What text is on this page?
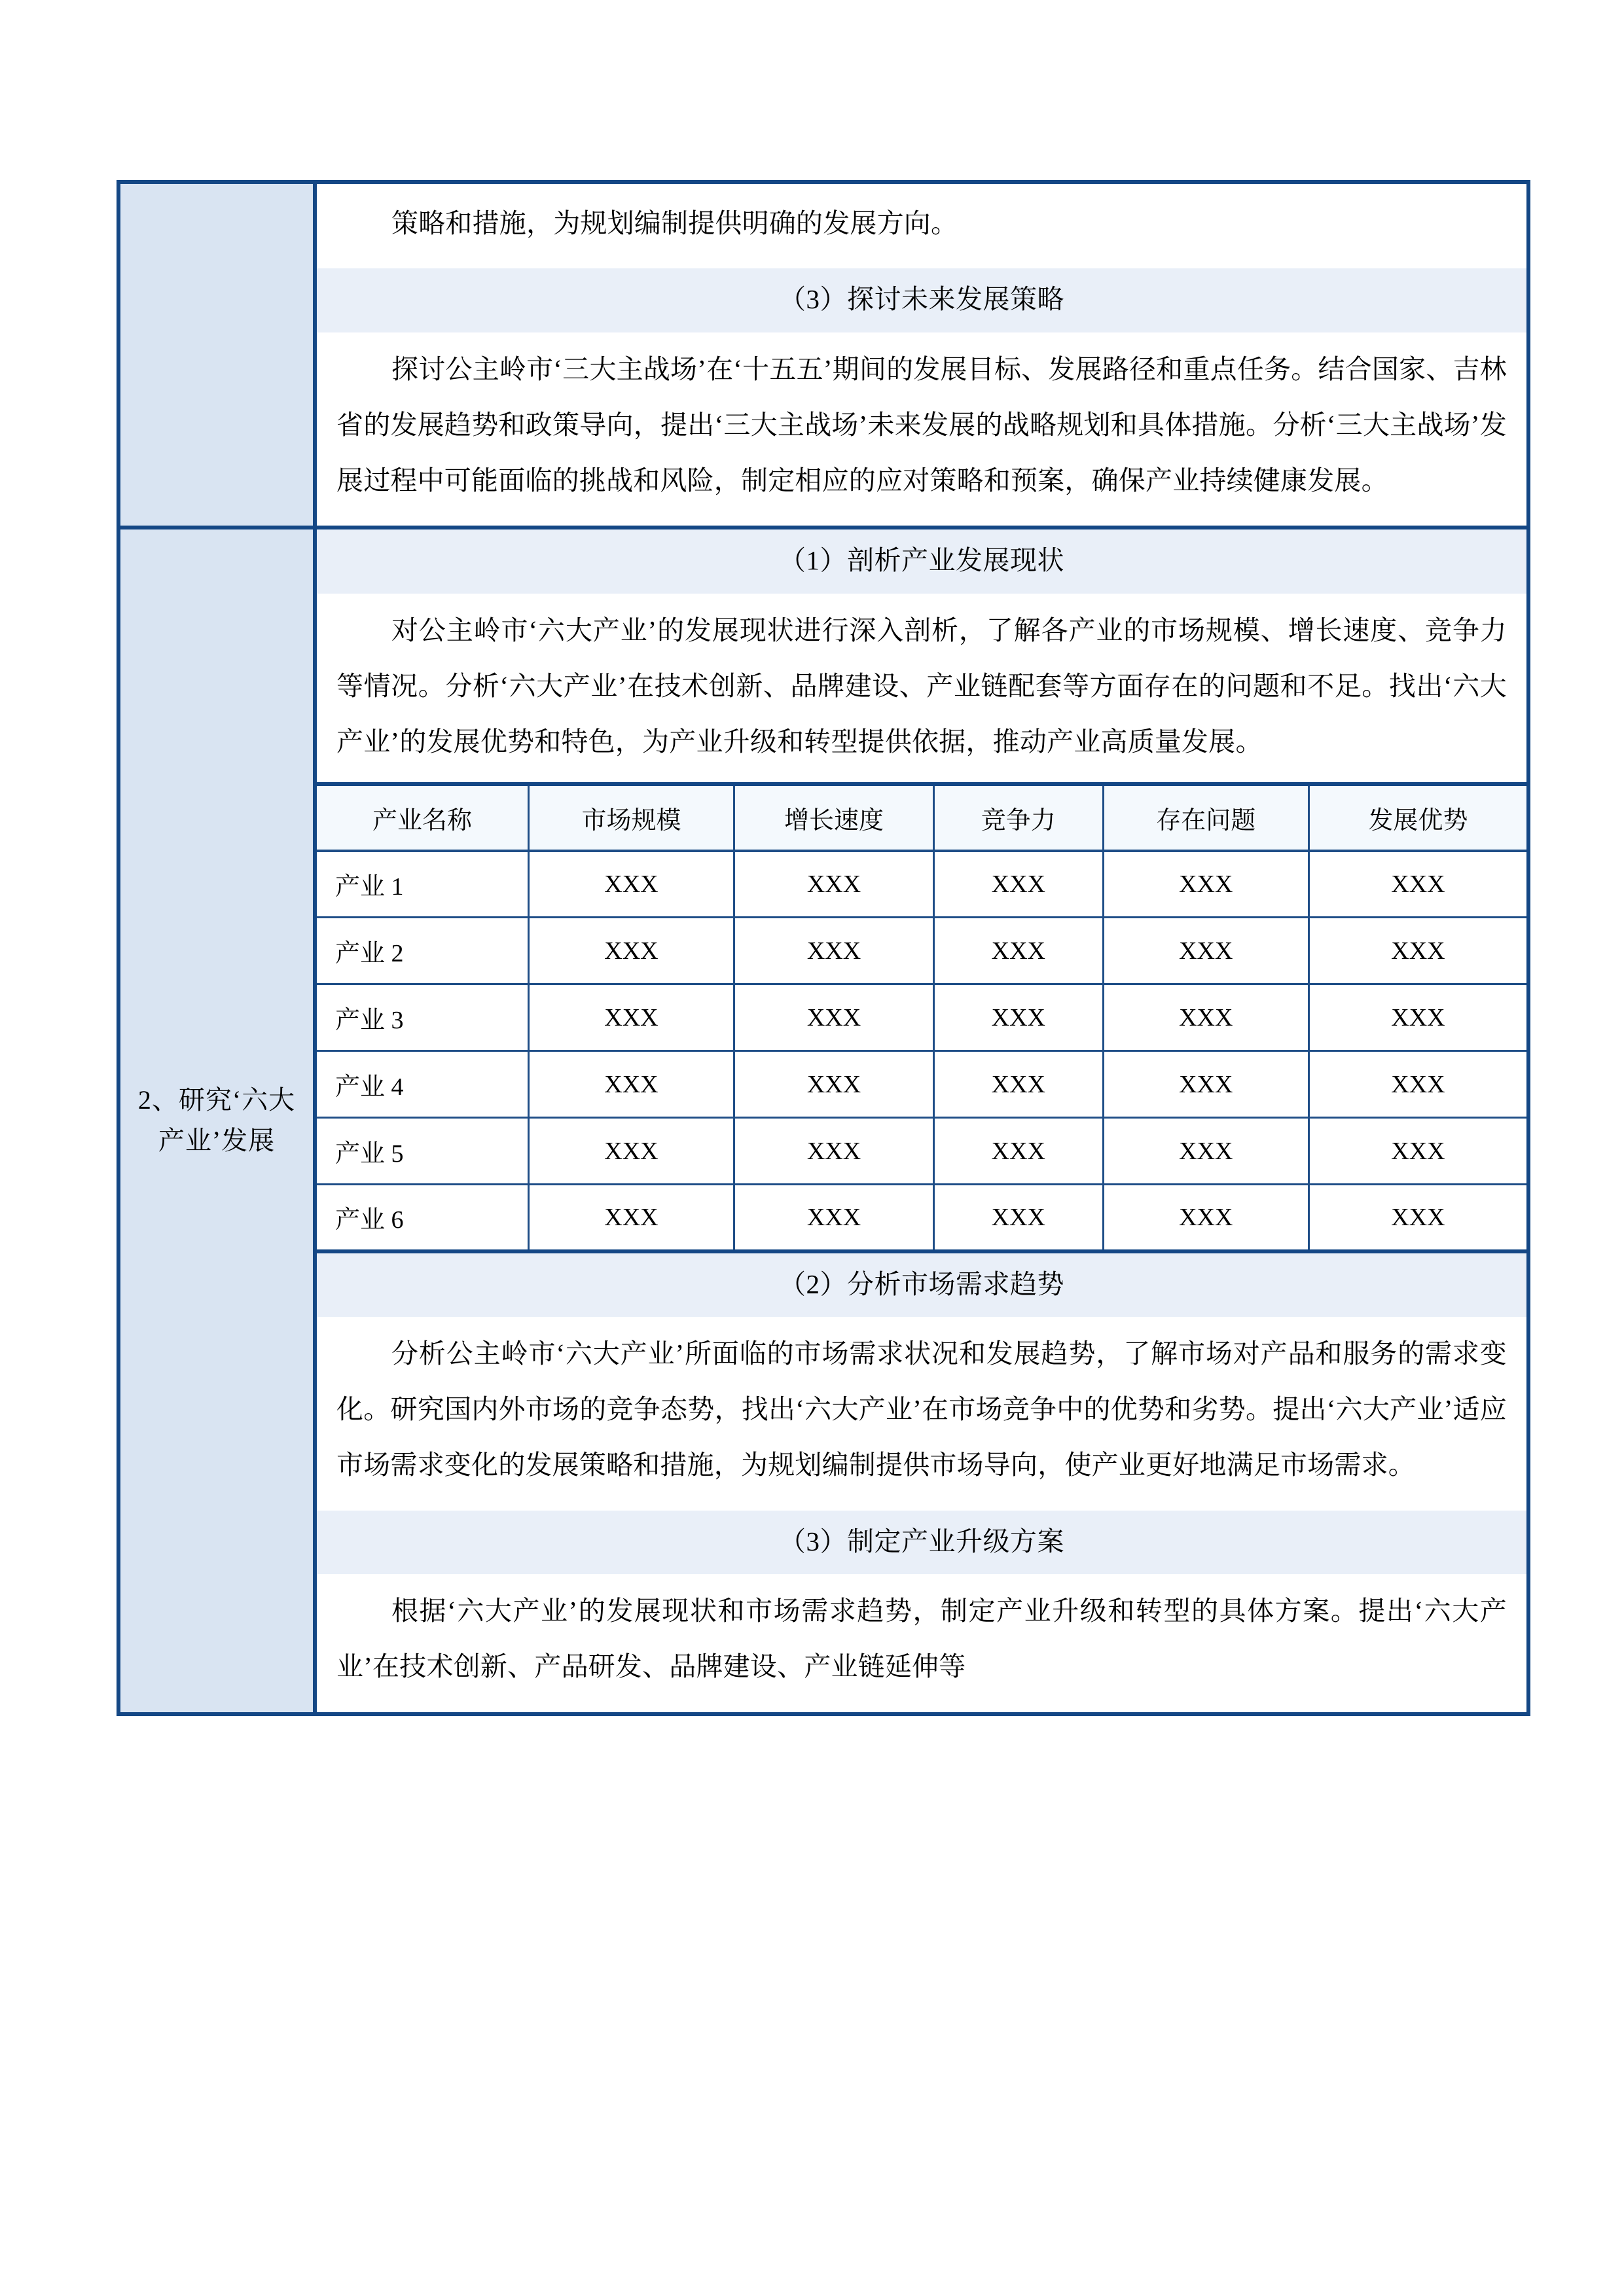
策略和措施，为规划编制提供明确的发展方向。
（3）探讨未来发展策略
探讨公主岭市‘三大主战场’在‘十五五’期间的发展目标、发展路径和重点任务。结合国家、吉林省的发展趋势和政策导向，提出‘三大主战场’未来发展的战略规划和具体措施。分析‘三大主战场’发展过程中可能面临的挑战和风险，制定相应的应对策略和预案，确保产业持续健康发展。

2、研究‘六大产业’发展

（1）剖析产业发展现状
对公主岭市‘六大产业’的发展现状进行深入剖析，了解各产业的市场规模、增长速度、竞争力等情况。分析‘六大产业’在技术创新、品牌建设、产业链配套等方面存在的问题和不足。找出‘六大产业’的发展优势和特色，为产业升级和转型提供依据，推动产业高质量发展。

产业名称	市场规模	增长速度	竞争力	存在问题	发展优势
产业 1	XXX	XXX	XXX	XXX	XXX
产业 2	XXX	XXX	XXX	XXX	XXX
产业 3	XXX	XXX	XXX	XXX	XXX
产业 4	XXX	XXX	XXX	XXX	XXX
产业 5	XXX	XXX	XXX	XXX	XXX
产业 6	XXX	XXX	XXX	XXX	XXX

（2）分析市场需求趋势
分析公主岭市‘六大产业’所面临的市场需求状况和发展趋势，了解市场对产品和服务的需求变化。研究国内外市场的竞争态势，找出‘六大产业’在市场竞争中的优势和劣势。提出‘六大产业’适应市场需求变化的发展策略和措施，为规划编制提供市场导向，使产业更好地满足市场需求。
（3）制定产业升级方案
根据‘六大产业’的发展现状和市场需求趋势，制定产业升级和转型的具体方案。提出‘六大产业’在技术创新、产品研发、品牌建设、产业链延伸等
